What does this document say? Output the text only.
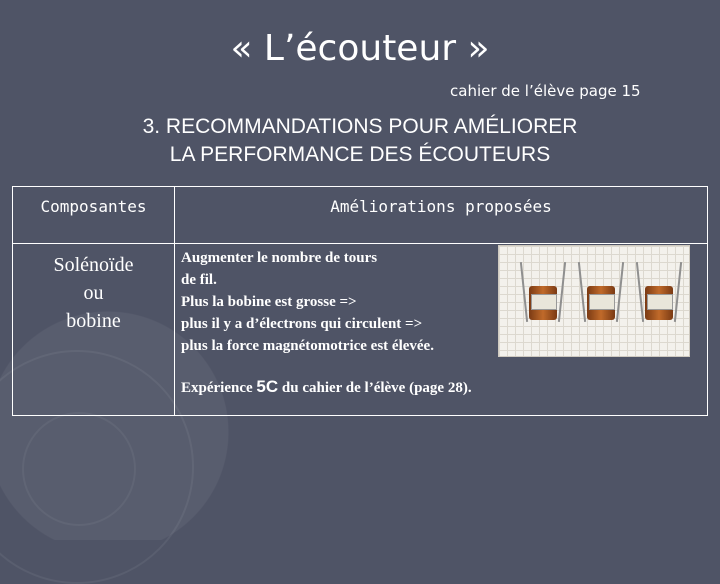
« L’écouteur »
cahier de l’élève page 15
3. RECOMMANDATIONS POUR AMÉLIORER
LA PERFORMANCE DES ÉCOUTEURS
Composantes	Améliorations proposées
Solénoïde
ou
bobine
Augmenter le nombre de tours
de fil.
Plus la bobine est grosse =>
plus il y a d’électrons qui circulent =>
plus la force magnétomotrice est élevée.
Expérience 5C du cahier de l’élève (page 28).
